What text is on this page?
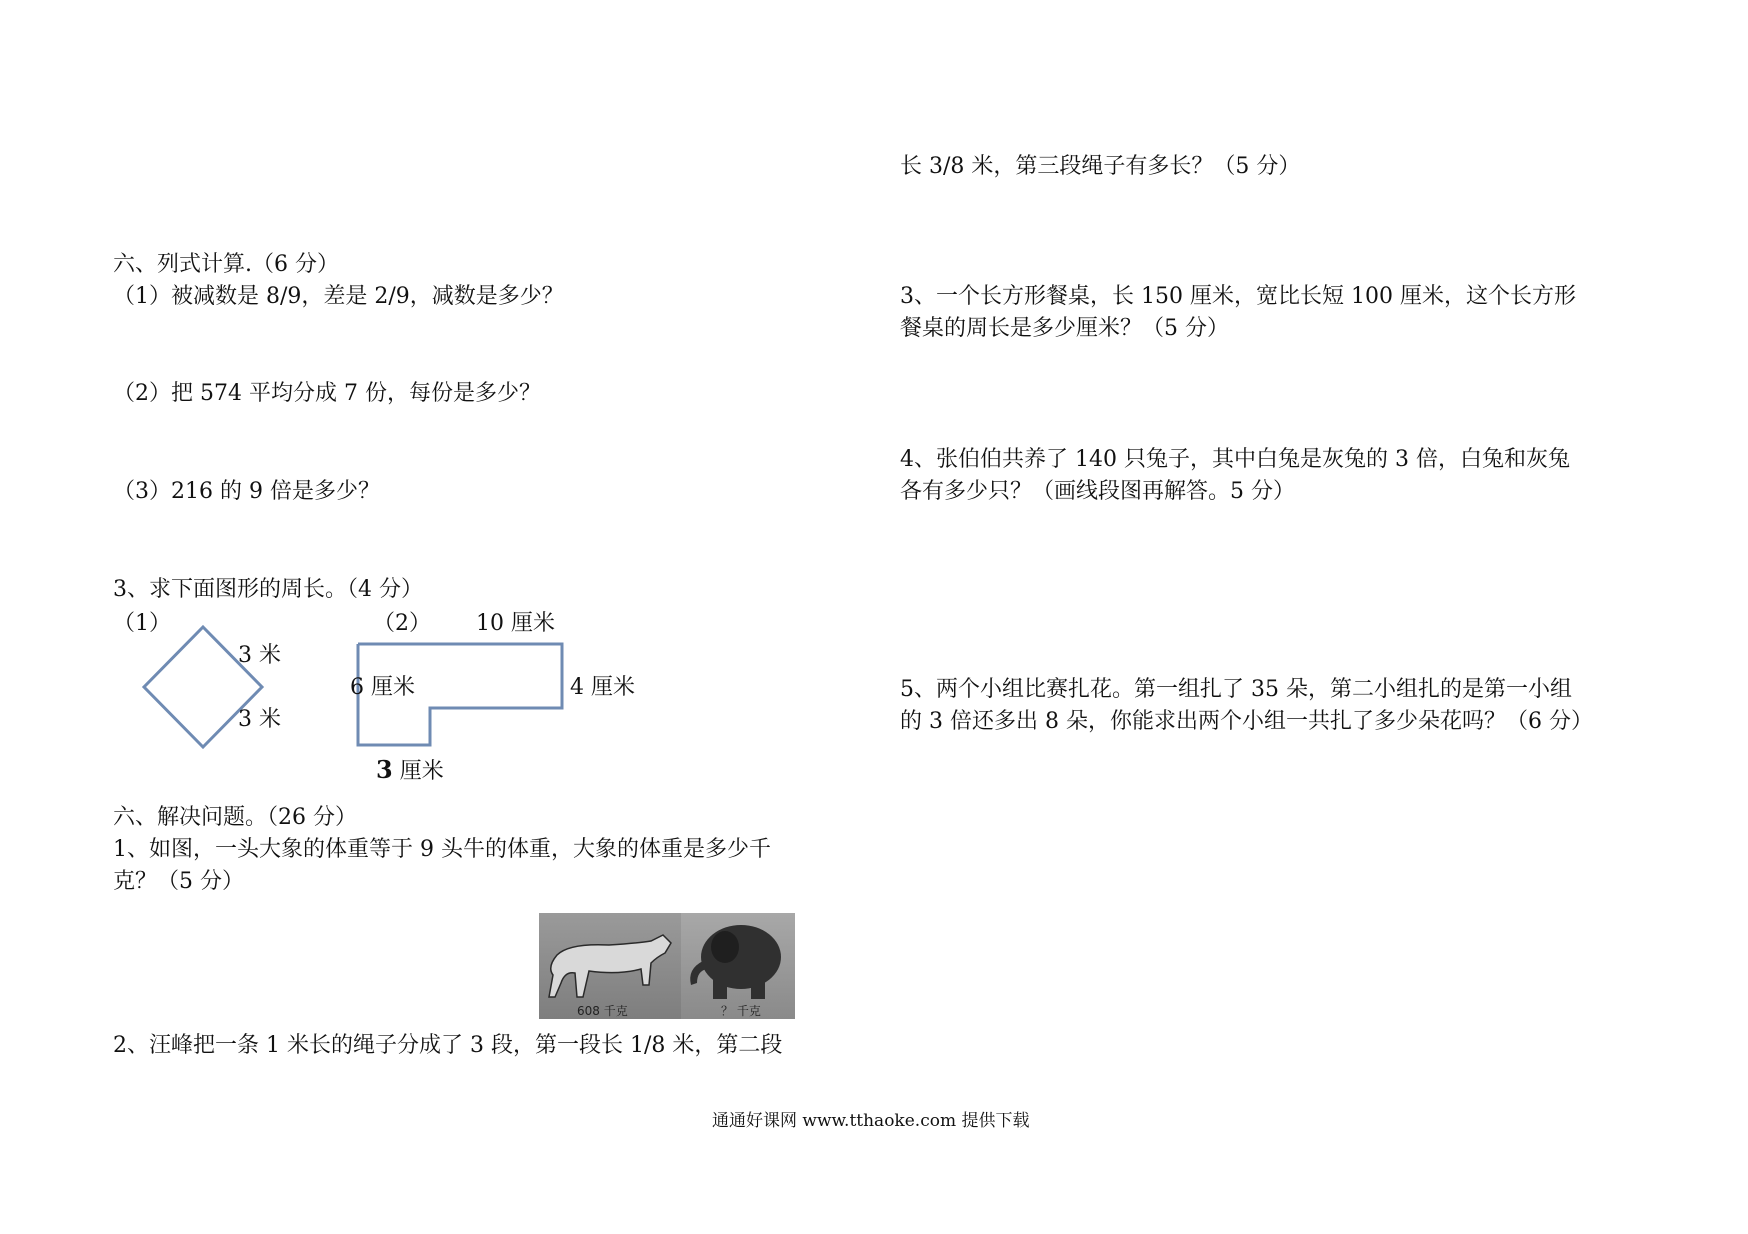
长 3/8 米，第三段绳子有多长？（5 分）
3、一个长方形餐桌，长 150 厘米，宽比长短 100 厘米，这个长方形
餐桌的周长是多少厘米？（5 分）
4、张伯伯共养了 140 只兔子，其中白兔是灰兔的 3 倍，白兔和灰兔
各有多少只？（画线段图再解答。5 分）
5、两个小组比赛扎花。第一组扎了 35 朵，第二小组扎的是第一小组
的 3 倍还多出 8 朵，你能求出两个小组一共扎了多少朵花吗？（6 分）
六、列式计算.（6 分）
（1）被减数是 8/9，差是 2/9，减数是多少？
（2）把 574 平均分成 7 份，每份是多少？
（3）216 的 9 倍是多少？
3、求下面图形的周长。（4 分）
（1）
3 米
3 米
（2） 10 厘米
6 厘米	4 厘米
3 厘米
六、解决问题。（26 分）
1、如图，一头大象的体重等于 9 头牛的体重，大象的体重是多少千
克？（5 分）
608 千克	？ 千克
2、汪峰把一条 1 米长的绳子分成了 3 段，第一段长 1/8 米，第二段
通通好课网 www.tthaoke.com 提供下载
